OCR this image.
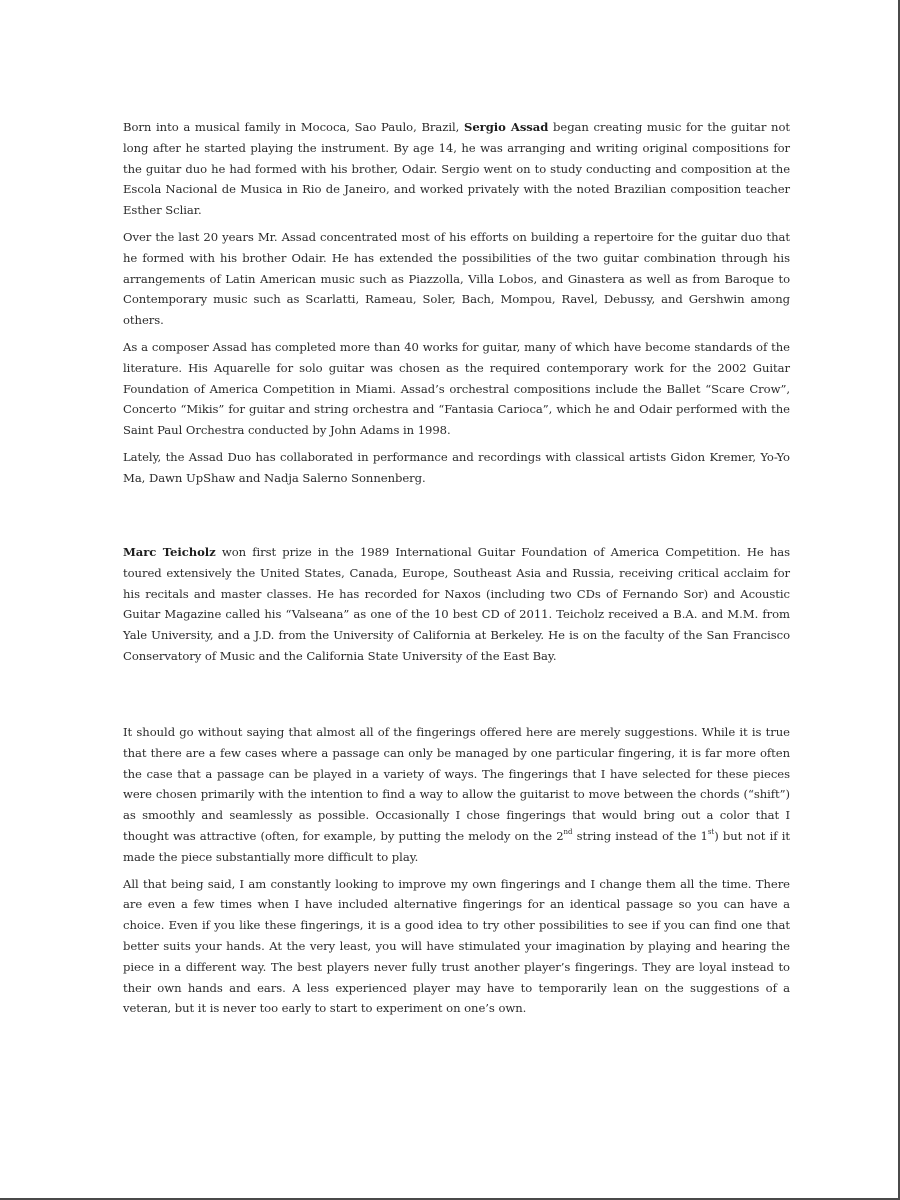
Born into a musical family in Mococa, Sao Paulo, Brazil, Sergio Assad began creating music for the guitar not long after he started playing the instrument. By age 14, he was arranging and writing original compositions for the guitar duo he had formed with his brother, Odair. Sergio went on to study conducting and composition at the Escola Nacional de Musica in Rio de Janeiro, and worked privately with the noted Brazilian composition teacher Esther Scliar.

Over the last 20 years Mr. Assad concentrated most of his efforts on building a repertoire for the guitar duo that he formed with his brother Odair. He has extended the possibilities of the two guitar combination through his arrangements of Latin American music such as Piazzolla, Villa Lobos, and Ginastera as well as from Baroque to Contemporary music such as Scarlatti, Rameau, Soler, Bach, Mompou, Ravel, Debussy, and Gershwin among others.

As a composer Assad has completed more than 40 works for guitar, many of which have become standards of the literature. His Aquarelle for solo guitar was chosen as the required contemporary work for the 2002 Guitar Foundation of America Competition in Miami. Assad’s orchestral compositions include the Ballet “Scare Crow”, Concerto “Mikis” for guitar and string orchestra and “Fantasia Carioca”, which he and Odair performed with the Saint Paul Orchestra conducted by John Adams in 1998.

Lately, the Assad Duo has collaborated in performance and recordings with classical artists Gidon Kremer, Yo-Yo Ma, Dawn UpShaw and Nadja Salerno Sonnenberg.

Marc Teicholz won first prize in the 1989 International Guitar Foundation of America Competition. He has toured extensively the United States, Canada, Europe, Southeast Asia and Russia, receiving critical acclaim for his recitals and master classes. He has recorded for Naxos (including two CDs of Fernando Sor) and Acoustic Guitar Magazine called his “Valseana” as one of the 10 best CD of 2011. Teicholz received a B.A. and M.M. from Yale University, and a J.D. from the University of California at Berkeley. He is on the faculty of the San Francisco Conservatory of Music and the California State University of the East Bay.

It should go without saying that almost all of the fingerings offered here are merely suggestions. While it is true that there are a few cases where a passage can only be managed by one particular fingering, it is far more often the case that a passage can be played in a variety of ways. The fingerings that I have selected for these pieces were chosen primarily with the intention to find a way to allow the guitarist to move between the chords (“shift”) as smoothly and seamlessly as possible. Occasionally I chose fingerings that would bring out a color that I thought was attractive (often, for example, by putting the melody on the 2nd string instead of the 1st) but not if it made the piece substantially more difficult to play.

All that being said, I am constantly looking to improve my own fingerings and I change them all the time. There are even a few times when I have included alternative fingerings for an identical passage so you can have a choice. Even if you like these fingerings, it is a good idea to try other possibilities to see if you can find one that better suits your hands. At the very least, you will have stimulated your imagination by playing and hearing the piece in a different way. The best players never fully trust another player’s fingerings. They are loyal instead to their own hands and ears. A less experienced player may have to temporarily lean on the suggestions of a veteran, but it is never too early to start to experiment on one’s own.
